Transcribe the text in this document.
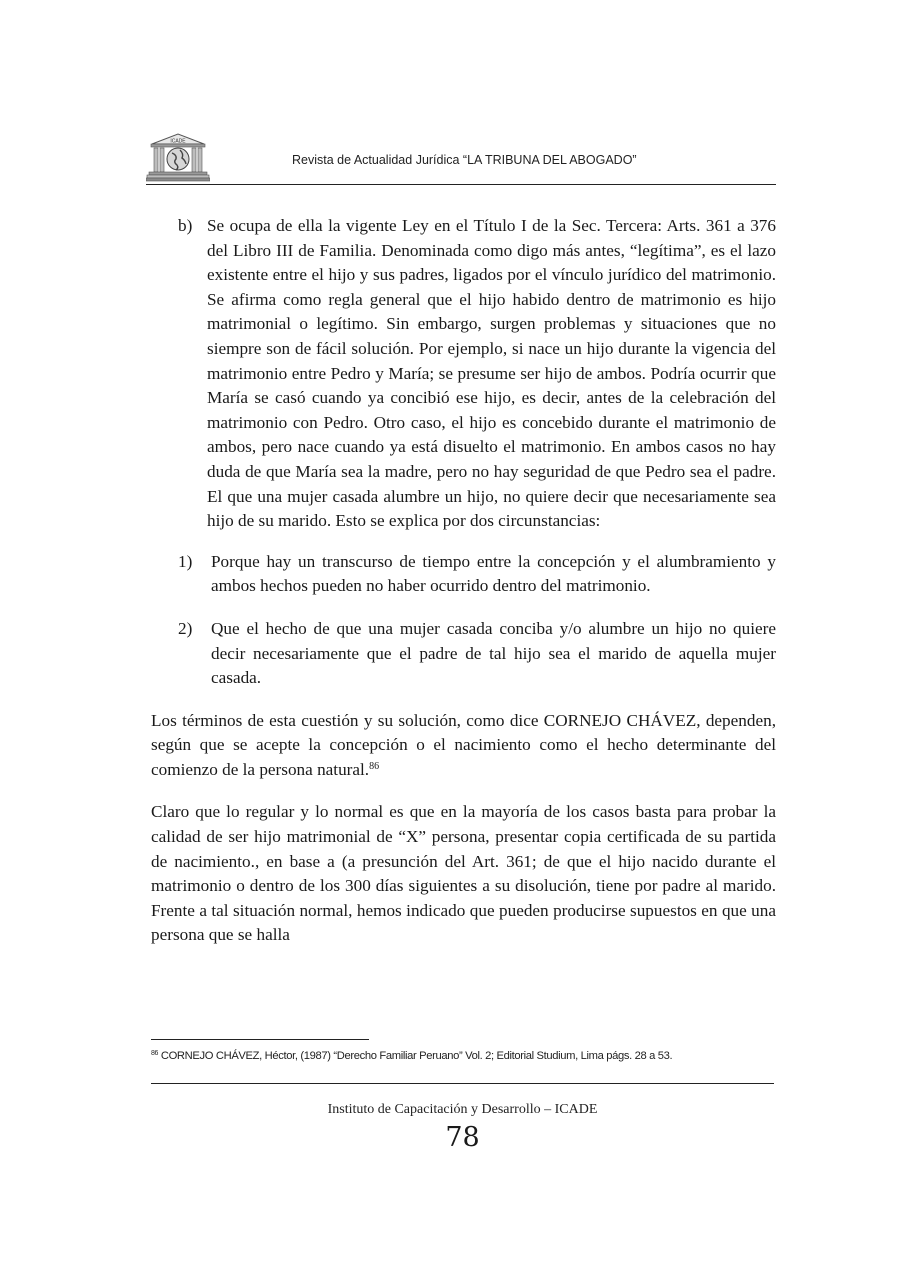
ICADE
Revista de Actualidad Jurídica “LA TRIBUNA DEL ABOGADO”
b) Se ocupa de ella la vigente Ley en el Título I de la Sec. Tercera: Arts. 361 a 376 del Libro III de Familia. Denominada como digo más antes, “legítima”, es el lazo existente entre el hijo y sus padres, ligados por el vínculo jurídico del matrimonio. Se afirma como regla general que el hijo habido dentro de matrimonio es hijo matrimonial o legítimo. Sin embargo, surgen problemas y situaciones que no siempre son de fácil solución. Por ejemplo, si nace un hijo durante la vigencia del matrimonio entre Pedro y María; se presume ser hijo de ambos. Podría ocurrir que María se casó cuando ya concibió ese hijo, es decir, antes de la celebración del matrimonio con Pedro. Otro caso, el hijo es concebido durante el matrimonio de ambos, pero nace cuando ya está disuelto el matrimonio. En ambos casos no hay duda de que María sea la madre, pero no hay seguridad de que Pedro sea el padre. El que una mujer casada alumbre un hijo, no quiere decir que necesariamente sea hijo de su marido. Esto se explica por dos circunstancias:
1) Porque hay un transcurso de tiempo entre la concepción y el alumbramiento y ambos hechos pueden no haber ocurrido dentro del matrimonio.
2) Que el hecho de que una mujer casada conciba y/o alumbre un hijo no quiere decir necesariamente que el padre de tal hijo sea el marido de aquella mujer casada.

Los términos de esta cuestión y su solución, como dice CORNEJO CHÁVEZ, dependen, según que se acepte la concepción o el nacimiento como el hecho determinante del comienzo de la persona natural.$^{86}$

Claro que lo regular y lo normal es que en la mayoría de los casos basta para probar la calidad de ser hijo matrimonial de “X” persona, presentar copia certificada de su partida de nacimiento., en base a (a presunción del Art. 361; de que el hijo nacido durante el matrimonio o dentro de los 300 días siguientes a su disolución, tiene por padre al marido. Frente a tal situación normal, hemos indicado que pueden producirse supuestos en que una persona que se halla

$^{86}$ CORNEJO CHÁVEZ, Héctor, (1987) “Derecho Familiar Peruano” Vol. 2; Editorial Studium, Lima págs. 28 a 53.
Instituto de Capacitación y Desarrollo – ICADE
78
